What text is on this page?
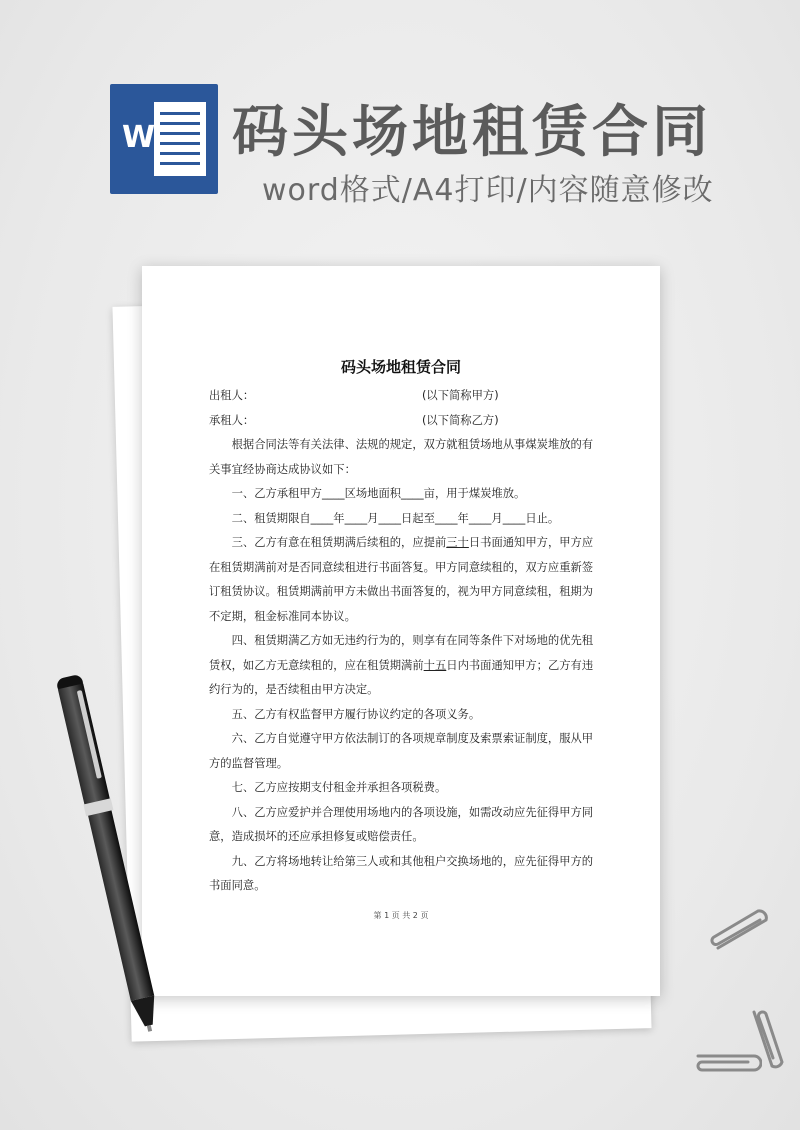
W 码头场地租赁合同
word格式/A4打印/内容随意修改
码头场地租赁合同

出租人：	(以下简称甲方)

承租人：	(以下简称乙方)

根据合同法等有关法律、法规的规定，双方就租赁场地从事煤炭堆放的有关事宜经协商达成协议如下：

一、乙方承租甲方____区场地面积____亩，用于煤炭堆放。

二、租赁期限自____年____月____日起至____年____月____日止。

三、乙方有意在租赁期满后续租的，应提前三十日书面通知甲方，甲方应在租赁期满前对是否同意续租进行书面答复。甲方同意续租的，双方应重新签订租赁协议。租赁期满前甲方未做出书面答复的，视为甲方同意续租，租期为不定期，租金标准同本协议。

四、租赁期满乙方如无违约行为的，则享有在同等条件下对场地的优先租赁权，如乙方无意续租的，应在租赁期满前十五日内书面通知甲方；乙方有违约行为的，是否续租由甲方决定。

五、乙方有权监督甲方履行协议约定的各项义务。

六、乙方自觉遵守甲方依法制订的各项规章制度及索票索证制度，服从甲方的监督管理。

七、乙方应按期支付租金并承担各项税费。

八、乙方应爱护并合理使用场地内的各项设施，如需改动应先征得甲方同意，造成损坏的还应承担修复或赔偿责任。

九、乙方将场地转让给第三人或和其他租户交换场地的，应先征得甲方的书面同意。

第 1 页 共 2 页
